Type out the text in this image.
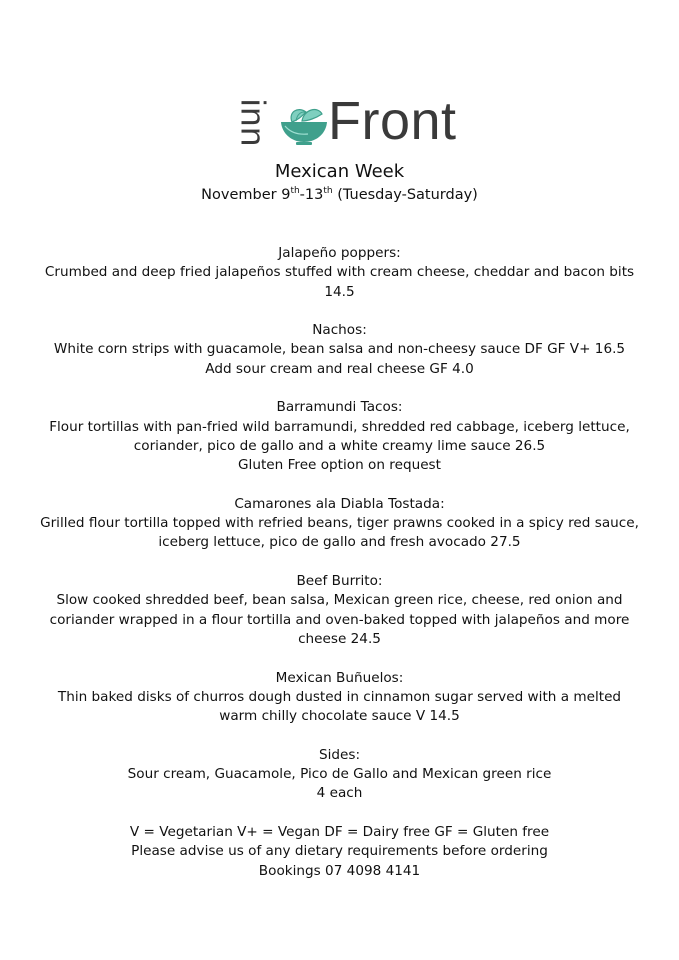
inn Front
Mexican Week
November 9th-13th (Tuesday-Saturday)
Jalapeño poppers:
Crumbed and deep fried jalapeños stuffed with cream cheese, cheddar and bacon bits
14.5
Nachos:
White corn strips with guacamole, bean salsa and non-cheesy sauce DF GF V+ 16.5
Add sour cream and real cheese GF 4.0
Barramundi Tacos:
Flour tortillas with pan-fried wild barramundi, shredded red cabbage, iceberg lettuce,
coriander, pico de gallo and a white creamy lime sauce 26.5
Gluten Free option on request
Camarones ala Diabla Tostada:
Grilled flour tortilla topped with refried beans, tiger prawns cooked in a spicy red sauce,
iceberg lettuce, pico de gallo and fresh avocado 27.5
Beef Burrito:
Slow cooked shredded beef, bean salsa, Mexican green rice, cheese, red onion and
coriander wrapped in a flour tortilla and oven-baked topped with jalapeños and more
cheese 24.5
Mexican Buñuelos:
Thin baked disks of churros dough dusted in cinnamon sugar served with a melted
warm chilly chocolate sauce V 14.5
Sides:
Sour cream, Guacamole, Pico de Gallo and Mexican green rice
4 each
V = Vegetarian V+ = Vegan DF = Dairy free GF = Gluten free
Please advise us of any dietary requirements before ordering
Bookings 07 4098 4141
